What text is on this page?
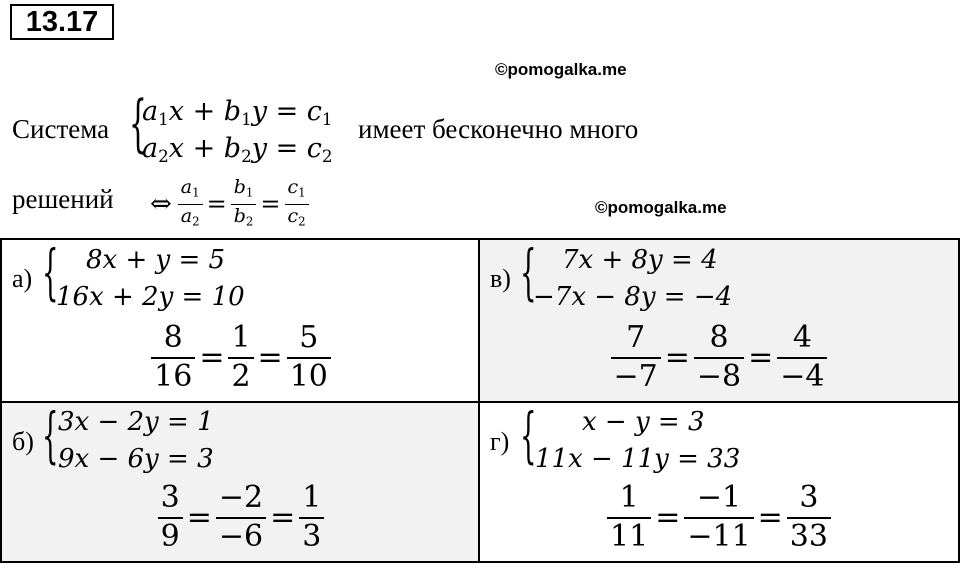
13.17
©pomogalka.me
©pomogalka.me
Система {
$a_1x + b_1y = c_1$
$a_2x + b_2y = c_2$
имеет бесконечно много
решений ⇔ $\frac{a_1}{a_2} = \frac{b_1}{b_2} = \frac{c_1}{c_2}$
а) { 8x + y = 5
16x + 2y = 10
$\frac{8}{16} = \frac{1}{2} = \frac{5}{10}$
в) { 7x + 8y = 4
−7x − 8y = −4
$\frac{7}{-7} = \frac{8}{-8} = \frac{4}{-4}$
б) { 3x − 2y = 1
9x − 6y = 3
$\frac{3}{9} = \frac{-2}{-6} = \frac{1}{3}$
г) { x − y = 3
11x − 11y = 33
$\frac{1}{11} = \frac{-1}{-11} = \frac{3}{33}$
